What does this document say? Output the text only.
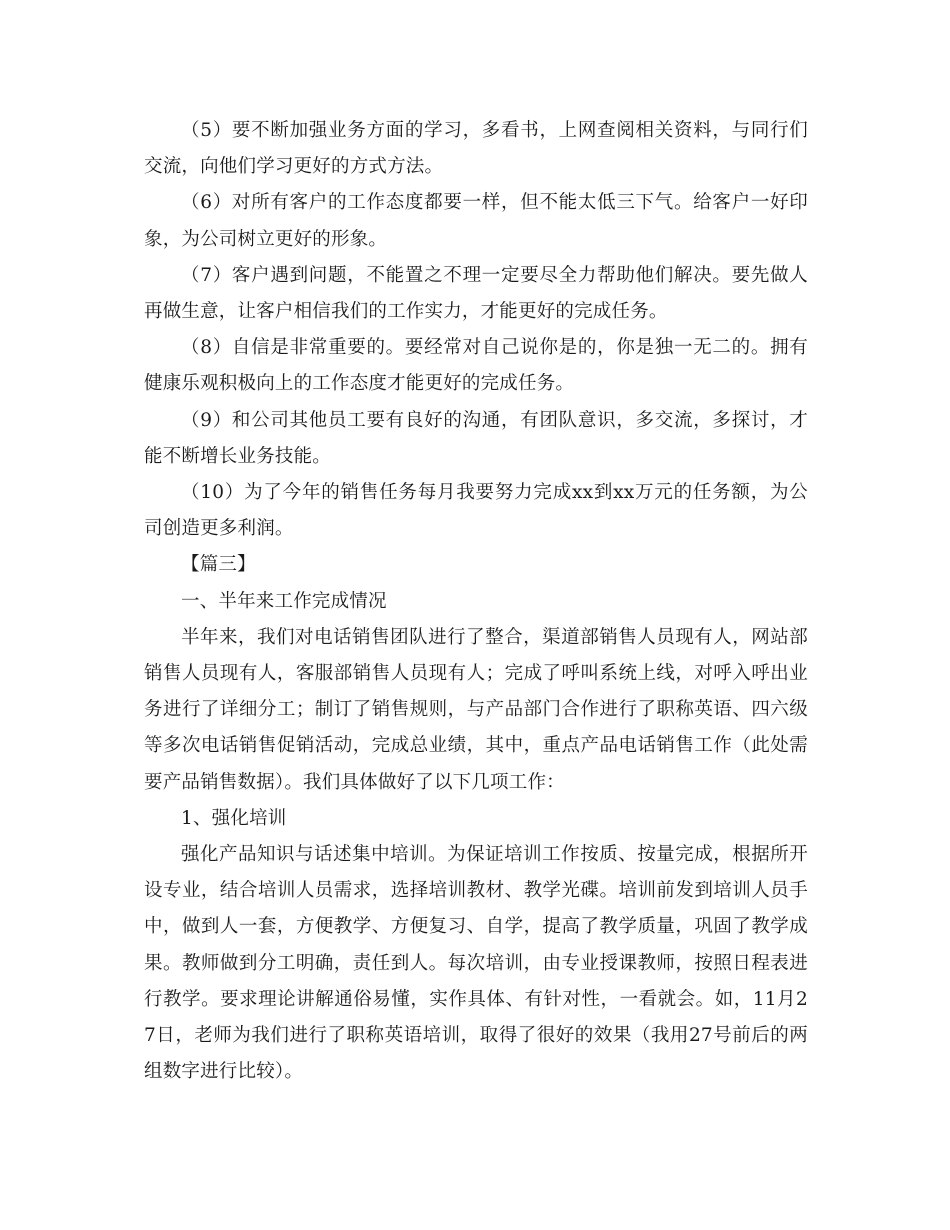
（5）要不断加强业务方面的学习，多看书，上网查阅相关资料，与同行们交流，向他们学习更好的方式方法。

（6）对所有客户的工作态度都要一样，但不能太低三下气。给客户一好印象，为公司树立更好的形象。

（7）客户遇到问题，不能置之不理一定要尽全力帮助他们解决。要先做人再做生意，让客户相信我们的工作实力，才能更好的完成任务。

（8）自信是非常重要的。要经常对自己说你是的，你是独一无二的。拥有健康乐观积极向上的工作态度才能更好的完成任务。

（9）和公司其他员工要有良好的沟通，有团队意识，多交流，多探讨，才能不断增长业务技能。

（10）为了今年的销售任务每月我要努力完成xx到xx万元的任务额，为公司创造更多利润。

【篇三】

一、半年来工作完成情况

半年来，我们对电话销售团队进行了整合，渠道部销售人员现有人，网站部销售人员现有人，客服部销售人员现有人；完成了呼叫系统上线，对呼入呼出业务进行了详细分工；制订了销售规则，与产品部门合作进行了职称英语、四六级等多次电话销售促销活动，完成总业绩，其中，重点产品电话销售工作（此处需要产品销售数据）。我们具体做好了以下几项工作：

1、强化培训

强化产品知识与话述集中培训。为保证培训工作按质、按量完成，根据所开设专业，结合培训人员需求，选择培训教材、教学光碟。培训前发到培训人员手中，做到人一套，方便教学、方便复习、自学，提高了教学质量，巩固了教学成果。教师做到分工明确，责任到人。每次培训，由专业授课教师，按照日程表进行教学。要求理论讲解通俗易懂，实作具体、有针对性，一看就会。如，11月27日，老师为我们进行了职称英语培训，取得了很好的效果（我用27号前后的两组数字进行比较）。
